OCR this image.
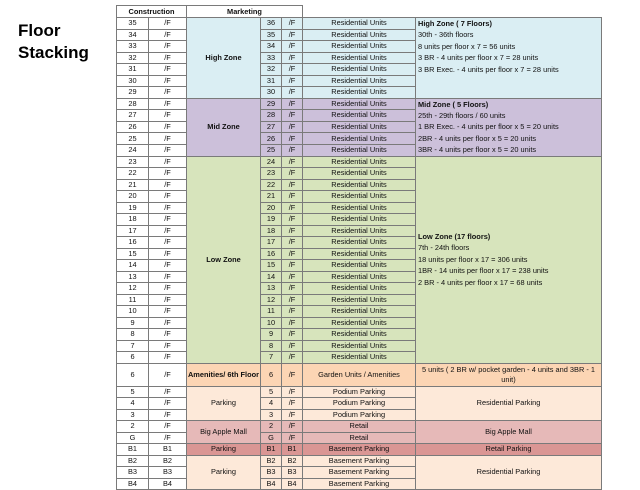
Floor
Stacking
Construction		Marketing				
35	/F	High Zone	36	/F	Residential Units	High Zone ( 7 Floors)
30th - 36th floors
8 units per floor x 7 = 56 units
3 BR - 4 units per floor x 7 = 28 units
3 BR Exec. - 4 units per floor x 7 = 28 units

34	/F		35	/F	Residential Units	
33	/F		34	/F	Residential Units	
32	/F		33	/F	Residential Units	
31	/F		32	/F	Residential Units	
30	/F		31	/F	Residential Units	
29	/F		30	/F	Residential Units	
28	/F	Mid Zone	29	/F	Residential Units	Mid Zone ( 5 Floors)
25th - 29th floors / 60 units
1 BR Exec. - 4 units per floor x 5 = 20 units
2BR - 4 units per floor x 5 = 20 units
3BR - 4 units per floor x 5 = 20 units

27	/F		28	/F	Residential Units	
26	/F		27	/F	Residential Units	
25	/F		26	/F	Residential Units	
24	/F		25	/F	Residential Units	
23	/F	Low Zone	24	/F	Residential Units	Low Zone (17 floors)
7th - 24th floors
18 units per floor x 17 = 306 units
1BR - 14 units per floor x 17 = 238 units
2 BR - 4 units per floor x 17 = 68 units

22	/F		23	/F	Residential Units	
21	/F		22	/F	Residential Units	
20	/F		21	/F	Residential Units	
19	/F		20	/F	Residential Units	
18	/F		19	/F	Residential Units	
17	/F		18	/F	Residential Units	
16	/F		17	/F	Residential Units	
15	/F		16	/F	Residential Units	
14	/F		15	/F	Residential Units	
13	/F		14	/F	Residential Units	
12	/F		13	/F	Residential Units	
11	/F		12	/F	Residential Units	
10	/F		11	/F	Residential Units	
9	/F		10	/F	Residential Units	
8	/F		9	/F	Residential Units	
7	/F		8	/F	Residential Units	
6	/F		7	/F	Residential Units	
6	/F	Amenities/ 6th Floor	6	/F	Garden Units / Amenities	5 units ( 2 BR w/ pocket garden - 4 units and 3BR - 1 unit)
5	/F	Parking	5	/F	Podium Parking	Residential Parking
4	/F		4	/F	Podium Parking	
3	/F		3	/F	Podium Parking	
2	/F	Big Apple Mall	2	/F	Retail	Big Apple Mall
G	/F		G	/F	Retail	
B1	B1	Parking	B1	B1	Basement Parking	Retail Parking
B2	B2	Parking	B2	B2	Basement Parking	Residential Parking
B3	B3		B3	B3	Basement Parking	
B4	B4		B4	B4	Basement Parking	
